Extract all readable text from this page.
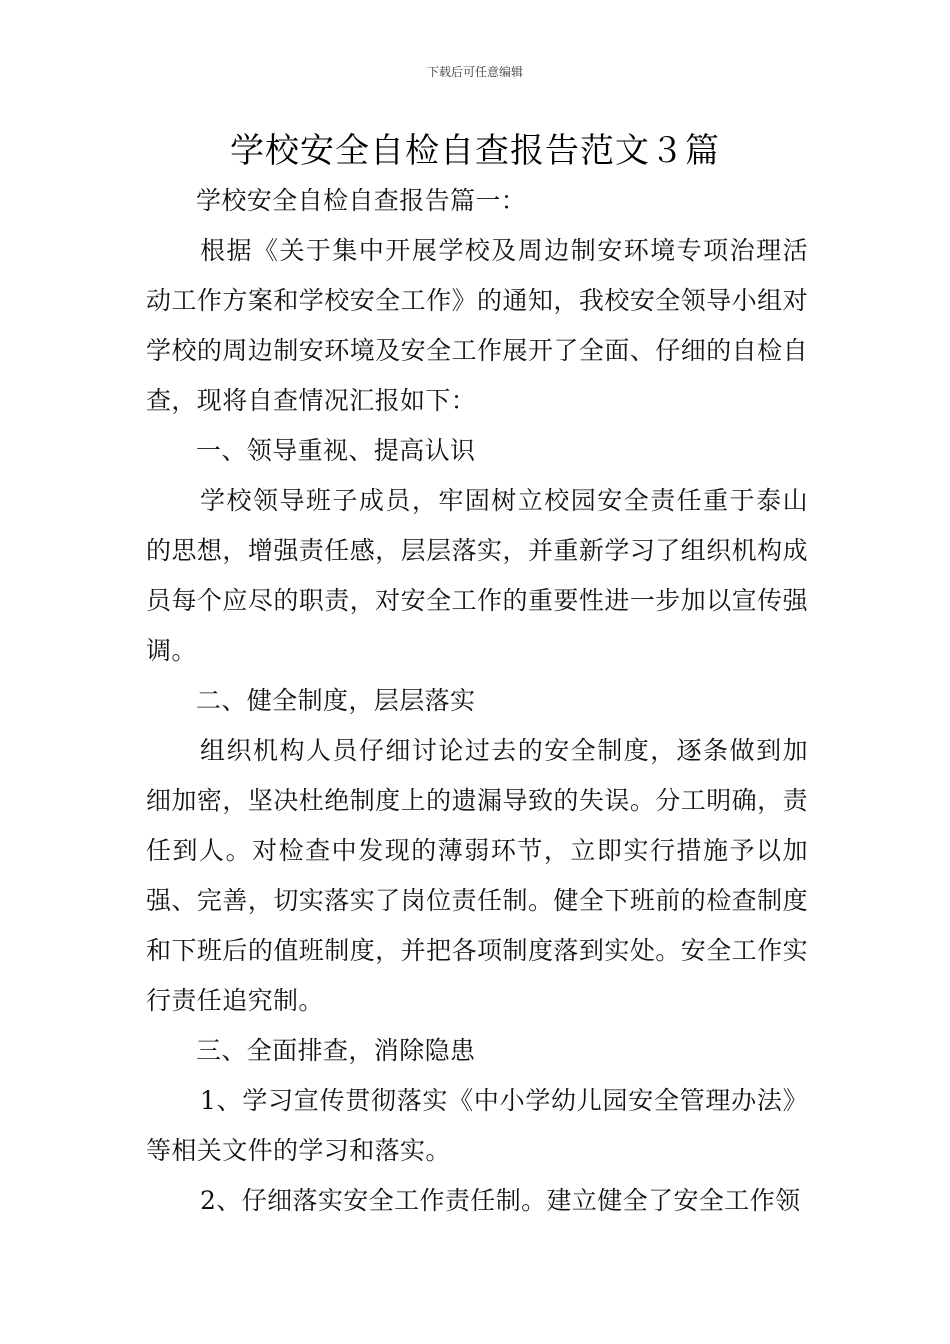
下载后可任意编辑
学校安全自检自查报告范文３篇

学校安全自检自查报告篇一：

根据《关于集中开展学校及周边制安环境专项治理活动工作方案和学校安全工作》的通知，我校安全领导小组对学校的周边制安环境及安全工作展开了全面、仔细的自检自查，现将自查情况汇报如下：

一、领导重视、提高认识

学校领导班子成员，牢固树立校园安全责任重于泰山的思想，增强责任感，层层落实，并重新学习了组织机构成员每个应尽的职责，对安全工作的重要性进一步加以宣传强调。

二、健全制度，层层落实

组织机构人员仔细讨论过去的安全制度，逐条做到加细加密，坚决杜绝制度上的遗漏导致的失误。分工明确，责任到人。对检查中发现的薄弱环节，立即实行措施予以加强、完善，切实落实了岗位责任制。健全下班前的检查制度和下班后的值班制度，并把各项制度落到实处。安全工作实行责任追究制。

三、全面排查，消除隐患

1、学习宣传贯彻落实《中小学幼儿园安全管理办法》等相关文件的学习和落实。

2、仔细落实安全工作责任制。建立健全了安全工作领
